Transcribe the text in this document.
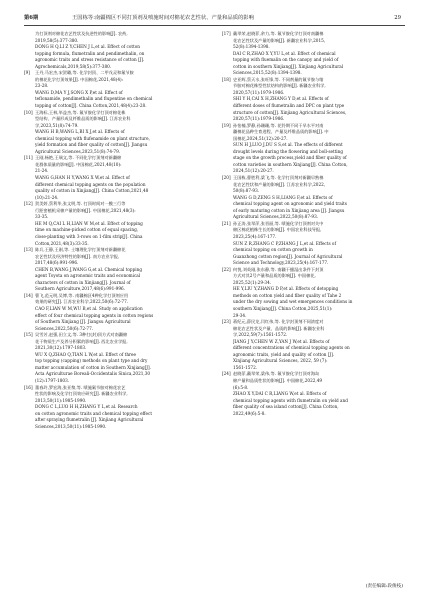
第6期	王国栋等:南疆棉区不同打顶剂及喷施时间对棉花农艺性状、产量和品质的影响	29
为打顶剂对棉花农艺性状及抗逆性的影响[J]. 农药,
2019,58(5):377-380.
DONG H Q,LI Z Y,CHEN J L,et al. Effect of cotton
topping formula, flumetralin and pendimethalin, on
agronomic traits and stress resistance of cotton [J].
Agrochemicals,2019,58(5):377-380.
[9]	王丹,马宏杰,宋贺璐,等. 化学封顶、二甲戊灵和氟节胺
的棉花化学打顶效果[J]. 中国棉花,2021,48(4):
23-28.
WANG D,MA Y J,SONG X P,et al. Effect of
teflonamide, pendimethalin and flupentine on chemical
topping of cotton[J]. China Cotton,2021,48(4):23-28.
[10] 王海标,王林,毕益杰,等. 氟节胺化学打顶对棉花株
型结构、产量形成及纤维品质的影响[J]. 江苏农业科
学,2023,51(8):74-79.
WANG H B,WANG L,BI X J,et al. Effects of
chemical topping with flufenamide on plant structure,
yield formation and fiber quality of cotton[J]. Jiangsu
Agricultural Sciences,2023,51(8):74-79.
[11] 王刚,杨艳,王瑞文,等. 不同化学打顶剂对新疆棉
花群体质量的影响[J]. 中国棉花,2021,48(10):
21-24.
WANG G,HAN H Y,WANG X W,et al. Effect of
different chemical topping agents on the population
quality of cotton in Xinjiang[J]. China Cotton,2021,48
(10):21-24.
[12] 贺美婷,蔡利华,张文明,等. 打顶时间对一膜三行等
行距密植机采棉产量的影响[J]. 中国棉花,2021,48(3):
33-35.
HE M Q,CAI L H,LIAN W M,et al. Effect of topping
time on machine-picked cotton of equal spacing,
close-planting with 3-rows on 1-film strip[J]. China
Cotton,2021,48(3):33-35.
[13] 陈兵,王静,王刚,等. 土壤理化学打顶剂对新疆棉花
农艺性状及经济特性的影响[J]. 南方农业学报,
2017,48(6):991-996.
CHEN B,WANG J,WANG G,et al. Chemical topping
agent Toyota on agronomic traits and economical
characters of cotton in Xinjiang[J]. Journal of
Southern Agriculture,2017,48(6):991-996.
[14] 曹飞,范元明,吴博,等. 南疆棉区4种化学打顶剂应用
效果的研究[J]. 江苏农业科学,2022,50(6):72-77.
CAO F,LIAN W M,WU B,et al. Study on application
effect of four chemical topping agents in cotton regions
of Southern Xinjiang [J]. Jiangsu Agricultural
Sciences,2022,50(6):72-77.
[15] 吴雪芳,赵强,田立文,等. 3种打(封)顶方式对南疆棉
花干物质生产及养分积累的影响[J]. 西北农业学报,
2021,30(12):1797-1803.
WU X Q,ZHAO Q,TIAN L W,et al. Effect of three
top topping (capping) methods on plant type and dry
matter accumulation of cotton in Southern Xinjiang[J].
Acta Agriculturae Boreali-Occidentalis Sinica,2021,30
(12):1797-1803.
[16] 董春玲,罗宏海,张亚黎,等. 喷施氟节胺对棉花农艺
性状的影响及化学打顶效应研究[J]. 新疆农业科学,
2013,50(11):1985-1990.
DONG C L,LUO H H,ZHANG Y L,et al. Research
on cotton agronomic traits and chemical topping effect
after spraying flumetralin [J]. Xinjiang Agricultural
Sciences,2013,50(11):1985-1990.
[17] 戴翠荣,赵晓菲,余力,等. 氟节胺化学打顶对南疆棉
花农艺性状及产量的影响[J]. 新疆农业科学,2015,
52(8):1394-1398.
DAI C R,ZHAO X Y,YU L,et al. Effect of chemical
topping with fluemalin on the canopy and yield of
cotton in southern Xinjiang[J]. Xinjiang Agricultural
Sciences,2015,52(8):1394-1398.
[18] 史亚辉,蔡天水,张旺锋,等. 不同剂量的氟节胺与缩
节胺对棉花株型性状结构的影响[J]. 新疆农业科学,
2020,57(11):1979-1986.
SHI Y H,CAI X H,ZHANG Y D,et al. Effects of
different doses of flumetralin and DPC on plant type
structure of cotton[J]. Xinjiang Agricultural Sciences,
2020,57(11):1979-1986.
[19] 孙怡楠,罗静,孙珊珊,等. 花铃期不同干旱水平对南
疆棉花品种生育进程、产量及纤维品质的影响[J]. 中
国棉花,2024,51(12):20-27.
SUN H J,LUO J,DU S S,et al. The effects of different
drought levels during the flowering and boll-setting
stage on the growth process,yield and fiber quality of
cotton varieties in southern Xinjiang[J]. China Cotton,
2024,51(12):20-27.
[20] 王国栋,曹胜利,梁飞,等. 化学打顶剂对新疆早熟棉
花农艺性状和产量的影响[J]. 江苏农业科学,2022,
50(8):87-93.
WANG G D,ZENG S H,LIANG F,et al. Effects of
chemical topping agent on agronomic and yield traits
of early maturing cotton in Xinjiang area [J]. Jiangsu
Agricultural Sciences,2022,50(8):87-93.
[21] 孙正涛,张翠萍,张晋丽,等. 喷施化学打顶剂对关中
棉区棉花植株生长的影响[J]. 中国农业科技导报,
2023,25(4):167-177.
SUN Z R,ZHANG C P,ZHANG J L,et al. Effects of
chemical topping on cotton growth in
Guanzhong cotton region[J]. Journal of Agricultural
Science and Technology,2023,25(4):167-177.
[22] 何悦,刘英刚,张东静,等. 南疆干播湿出条件下封顶
方式对其2号产量和品质的影响[J]. 中国棉花,
2025,52(1):29-34.
HE Y,LIU Y,ZHANG D P,et al. Effects of detopping
methods on cotton yield and fiber quality of Tahe 2
under the dry sowing and wet emergences conditions in
southern Xinjiang[J]. China Cotton,2025,51(1):
29-34.
[23] 蒋纪元,薛民龙,闫红伟,等. 化学封顶剂不同浓度对
棉花农艺性状及产量、品质的影响[J]. 新疆农业科
学,2022,59(7):1561-1572.
JIANG J Y,CHEN W Z,YAN J W,et al. Effects of
different concentrations of chemical topping agents on
agronomic traits, yield and quality of cotton [J].
Xinjiang Agricultural Sciences, 2022, 59 (7):
1561-1572.
[24] 赵晓菲,戴翠荣,梁伟,等. 氟节胺化学打顶对海岛
棉产量和品质性状的影响[J]. 中国棉花,2022,49
(6):5-8.
ZHAO X Y,DAI C R,LIANG W,et al. Effects of
chemical topping agents with flumetralin on yield and
fiber quality of sea island cotton[J]. China Cotton,
2022,49(6):5-8.
(责任编辑:段俊枝)
